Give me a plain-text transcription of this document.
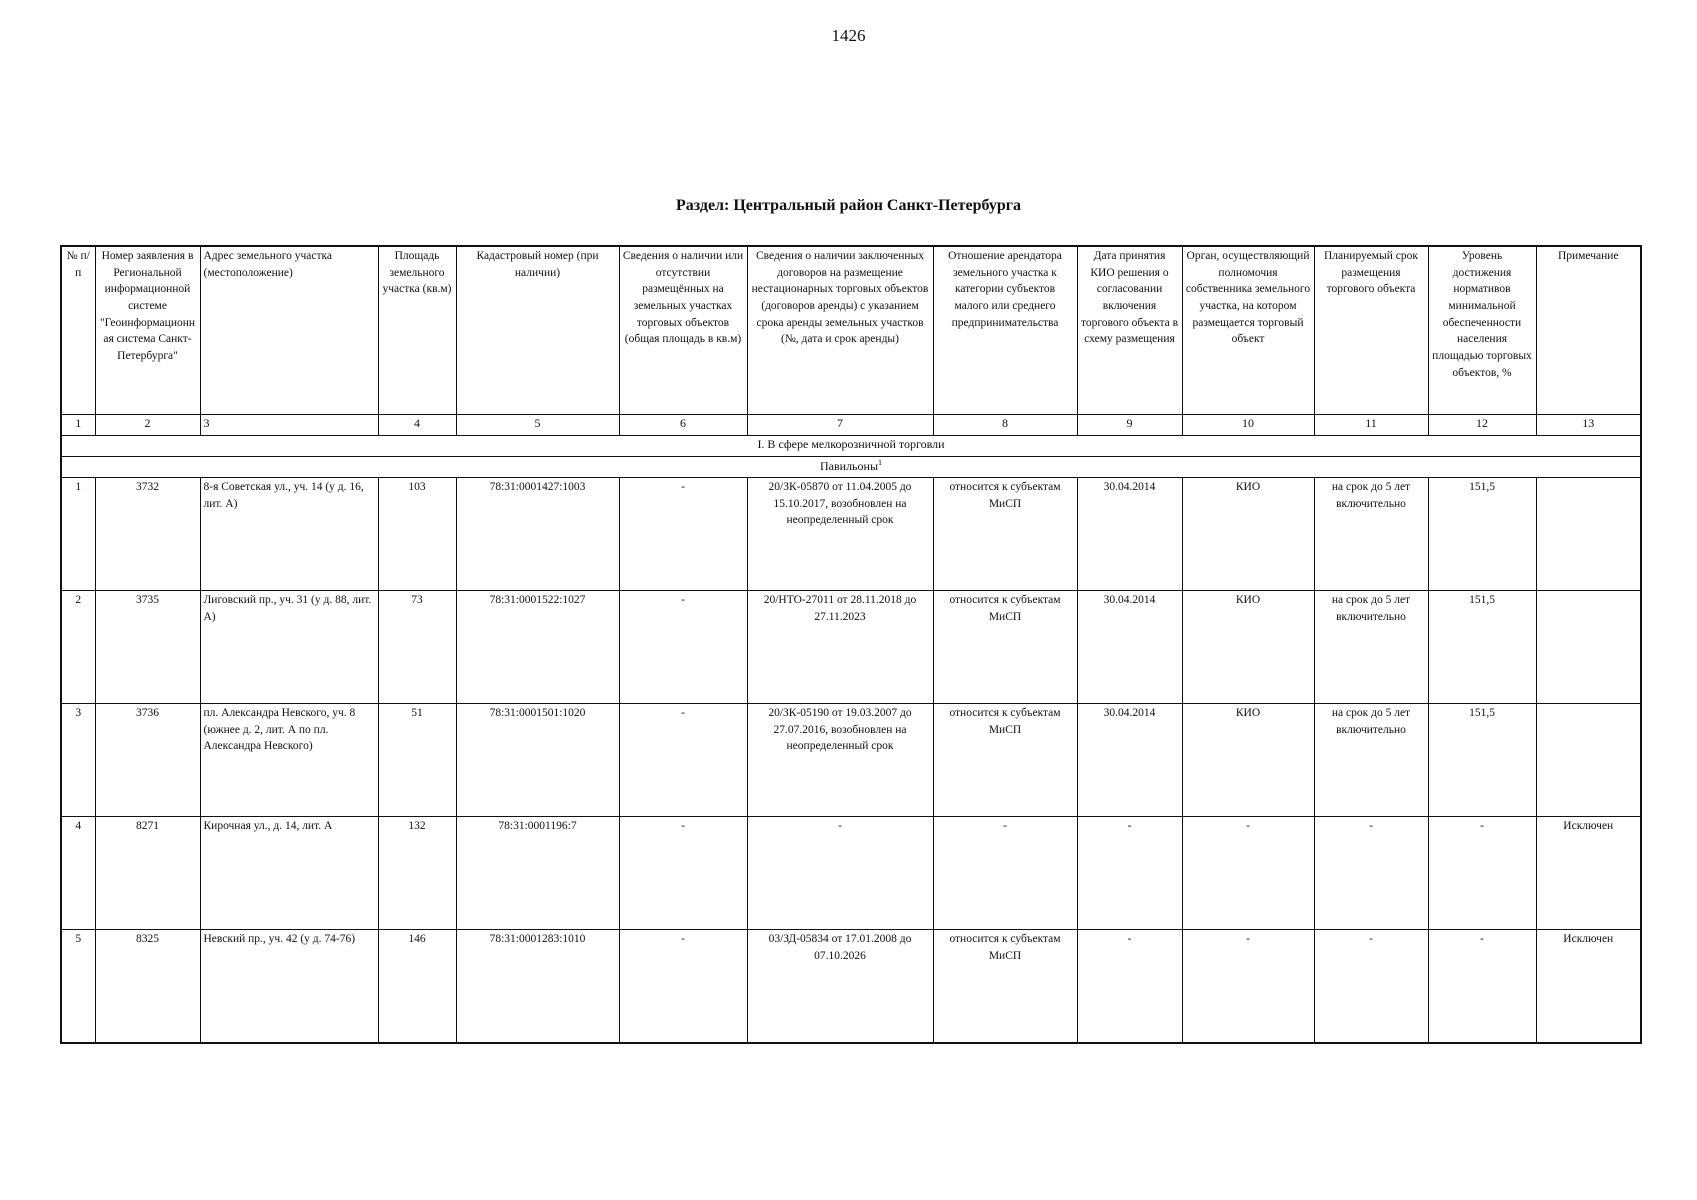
1426
Раздел: Центральный район Санкт-Петербурга
№ п/п	Номер заявления в Региональной информационной системе "Геоинформационная система Санкт-Петербурга"	Адрес земельного участка (местоположение)	Площадь земельного участка (кв.м)	Кадастровый номер (при наличии)	Сведения о наличии или отсутствии размещённых на земельных участках торговых объектов (общая площадь в кв.м)	Сведения о наличии заключенных договоров на размещение нестационарных торговых объектов (договоров аренды) с указанием срока аренды земельных участков (№, дата и срок аренды)	Отношение арендатора земельного участка к категории субъектов малого или среднего предпринимательства	Дата принятия КИО решения о согласовании включения торгового объекта в схему размещения	Орган, осуществляющий полномочия собственника земельного участка, на котором размещается торговый объект	Планируемый срок размещения торгового объекта	Уровень достижения нормативов минимальной обеспеченности населения площадью торговых объектов, %	Примечание
1	2	3	4	5	6	7	8	9	10	11	12	13
I. В сфере мелкорозничной торговли												
Павильоны$^1$
1	3732	8-я Советская ул., уч. 14 (у д. 16, лит. А)	103	78:31:0001427:1003	-	20/ЗК-05870 от 11.04.2005 до 15.10.2017, возобновлен на неопределенный срок	относится к субъектам МиСП	30.04.2014	КИО	на срок до 5 лет включительно	151,5	
2	3735	Лиговский пр., уч. 31 (у д. 88, лит. А)	73	78:31:0001522:1027	-	20/НТО-27011 от 28.11.2018 до 27.11.2023	относится к субъектам МиСП	30.04.2014	КИО	на срок до 5 лет включительно	151,5	
3	3736	пл. Александра Невского, уч. 8 (южнее д. 2, лит. А по пл. Александра Невского)	51	78:31:0001501:1020	-	20/ЗК-05190 от 19.03.2007 до 27.07.2016, возобновлен на неопределенный срок	относится к субъектам МиСП	30.04.2014	КИО	на срок до 5 лет включительно	151,5	
4	8271	Кирочная ул., д. 14, лит. А	132	78:31:0001196:7	-	-	-	-	-	-	-	Исключен
5	8325	Невский пр., уч. 42 (у д. 74-76)	146	78:31:0001283:1010	-	03/ЗД-05834 от 17.01.2008 до 07.10.2026	относится к субъектам МиСП	-	-	-	-	Исключен
